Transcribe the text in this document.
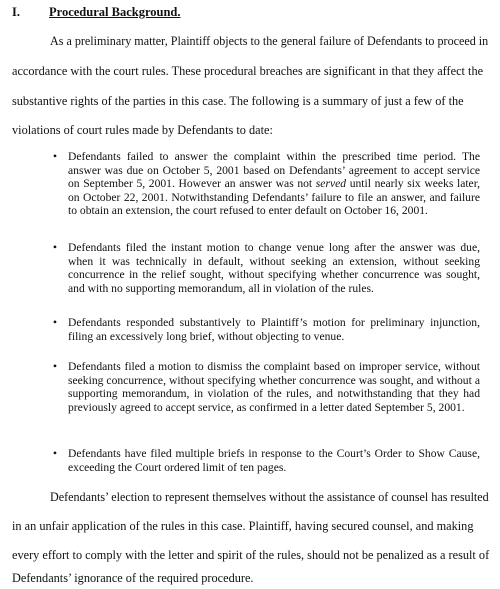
I. Procedural Background.
As a preliminary matter, Plaintiff objects to the general failure of Defendants to proceed in
accordance with the court rules. These procedural breaches are significant in that they affect the
substantive rights of the parties in this case. The following is a summary of just a few of the
violations of court rules made by Defendants to date:
• Defendants failed to answer the complaint within the prescribed time period. The answer was due on October 5, 2001 based on Defendants’ agreement to accept service on September 5, 2001. However an answer was not served until nearly six weeks later, on October 22, 2001. Notwithstanding Defendants’ failure to file an answer, and failure to obtain an extension, the court refused to enter default on October 16, 2001.
• Defendants filed the instant motion to change venue long after the answer was due, when it was technically in default, without seeking an extension, without seeking concurrence in the relief sought, without specifying whether concurrence was sought, and with no supporting memorandum, all in violation of the rules.
• Defendants responded substantively to Plaintiff’s motion for preliminary injunction, filing an excessively long brief, without objecting to venue.
• Defendants filed a motion to dismiss the complaint based on improper service, without seeking concurrence, without specifying whether concurrence was sought, and without a supporting memorandum, in violation of the rules, and notwithstanding that they had previously agreed to accept service, as confirmed in a letter dated September 5, 2001.
• Defendants have filed multiple briefs in response to the Court’s Order to Show Cause, exceeding the Court ordered limit of ten pages.
Defendants’ election to represent themselves without the assistance of counsel has resulted
in an unfair application of the rules in this case. Plaintiff, having secured counsel, and making
every effort to comply with the letter and spirit of the rules, should not be penalized as a result of
Defendants’ ignorance of the required procedure.
